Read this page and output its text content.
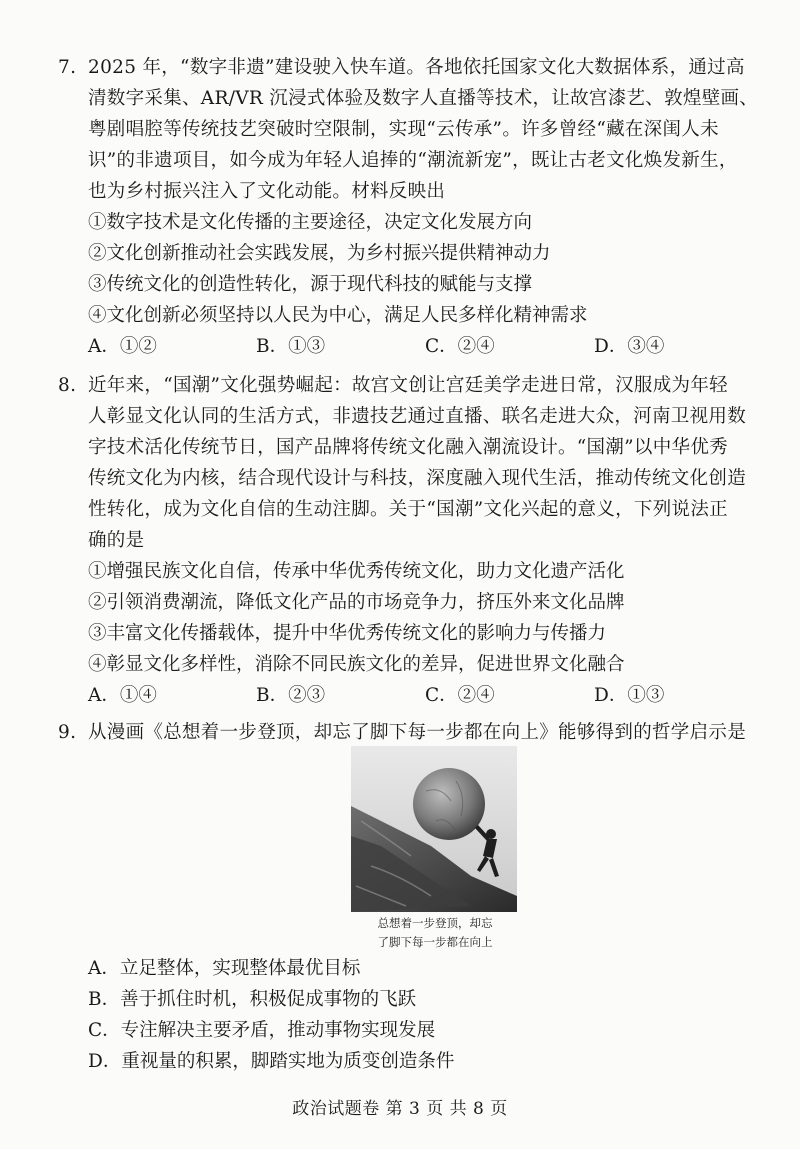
7. 2025 年，“数字非遗”建设驶入快车道。各地依托国家文化大数据体系，通过高
清数字采集、AR/VR 沉浸式体验及数字人直播等技术，让故宫漆艺、敦煌壁画、
粤剧唱腔等传统技艺突破时空限制，实现“云传承”。许多曾经“藏在深闺人未
识”的非遗项目，如今成为年轻人追捧的“潮流新宠”，既让古老文化焕发新生，
也为乡村振兴注入了文化动能。材料反映出
①数字技术是文化传播的主要途径，决定文化发展方向
②文化创新推动社会实践发展，为乡村振兴提供精神动力
③传统文化的创造性转化，源于现代科技的赋能与支撑
④文化创新必须坚持以人民为中心，满足人民多样化精神需求
A．①②	B．①③	C．②④	D．③④
8. 近年来，“国潮”文化强势崛起：故宫文创让宫廷美学走进日常，汉服成为年轻
人彰显文化认同的生活方式，非遗技艺通过直播、联名走进大众，河南卫视用数
字技术活化传统节日，国产品牌将传统文化融入潮流设计。“国潮”以中华优秀
传统文化为内核，结合现代设计与科技，深度融入现代生活，推动传统文化创造
性转化，成为文化自信的生动注脚。关于“国潮”文化兴起的意义，下列说法正
确的是
①增强民族文化自信，传承中华优秀传统文化，助力文化遗产活化
②引领消费潮流，降低文化产品的市场竞争力，挤压外来文化品牌
③丰富文化传播载体，提升中华优秀传统文化的影响力与传播力
④彰显文化多样性，消除不同民族文化的差异，促进世界文化融合
A．①④	B．②③	C．②④	D．①③
9. 从漫画《总想着一步登顶，却忘了脚下每一步都在向上》能够得到的哲学启示是
总想着一步登顶，却忘
了脚下每一步都在向上
A．立足整体，实现整体最优目标
B．善于抓住时机，积极促成事物的飞跃
C．专注解决主要矛盾，推动事物实现发展
D．重视量的积累，脚踏实地为质变创造条件
政治试题卷 第 3 页 共 8 页
